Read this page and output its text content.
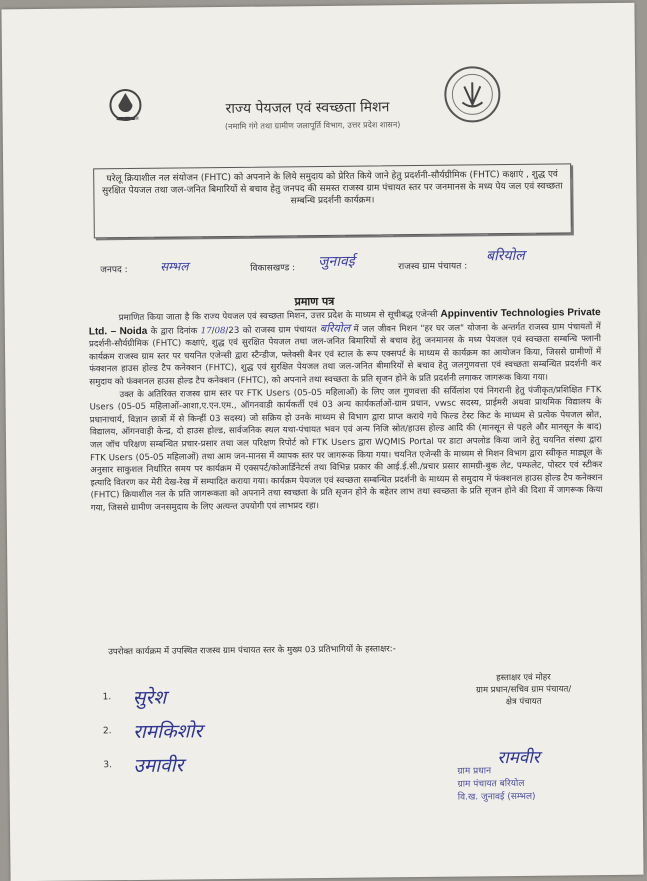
हर घर जल
राज्य पेयजल एवं स्वच्छता मिशन
(नमामि गंगे तथा ग्रामीण जलापूर्ति विभाग, उत्तर प्रदेश शासन)
घरेलू क्रियाशील नल संयोजन (FHTC) को अपनाने के लिये समुदाय को प्रेरित किये जाने हेतु प्रदर्शनी-सौर्यग्रीमिक (FHTC) कक्षाएं , शुद्ध एवं सुरक्षित पेयजल तथा जल-जनित बिमारियों से बचाव हेतु जनपद की समस्त राजस्व ग्राम पंचायत स्तर पर जनमानस के मध्य पेय जल एवं स्वच्छता सम्बन्धि प्रदर्शनी कार्यक्रम।
जनपद :	सम्भल	विकासखण्ड : जुनावई	राजस्व ग्राम पंचायत :
बरियोल
प्रमाण पत्र

प्रमाणित किया जाता है कि राज्य पेयजल एवं स्वच्छता मिशन, उत्तर प्रदेश के माध्यम से सूचीबद्ध एजेन्सी Appinventiv Technologies Private Ltd. – Noida के द्वारा दिनांक 17/08/23 को राजस्व ग्राम पंचायत बरियोल में जल जीवन मिशन "हर घर जल" योजना के अन्तर्गत राजस्व ग्राम पंचायतों में प्रदर्शनी-सौर्यग्रीमिक (FHTC) कक्षाएं, शुद्ध एवं सुरक्षित पेयजल तथा जल-जनित बिमारियों से बचाव हेतु जनमानस के मध्य पेयजल एवं स्वच्छता सम्बन्धि फ्लानी कार्यक्रम राजस्व ग्राम स्तर पर चयनित एजेन्सी द्वारा स्टैन्डीज, फ्लेक्सी बैनर एवं स्टाल के रूप एक्सपर्ट के माध्यम से कार्यक्रम का आयोजन किया, जिससे ग्रामीणों में फंक्शनल हाउस होल्ड टैप कनेक्शन (FHTC), शुद्ध एवं सुरक्षित पेयजल तथा जल-जनित बीमारियों से बचाव हेतु जलगुणवत्ता एवं स्वच्छता सम्बन्धित प्रदर्शनी कर समुदाय को फंक्शनल हाउस होल्ड टैप कनेक्शन (FHTC), को अपनाने तथा स्वच्छता के प्रति सृजन होने के प्रति प्रदर्शनी लगाकर जागरूक किया गया।

उक्त के अतिरिक्त राजस्व ग्राम स्तर पर FTK Users (05-05 महिलाओं) के लिए जल गुणवत्ता की सर्विलांश एवं निगरानी हेतु पंजीकृत/प्रशिक्षित FTK Users (05-05 महिलाओं-आशा,ए.एन.एम., ऑगनवाडी कार्यकर्ती एवं 03 अन्य कार्यकर्ताओं-ग्राम प्रधान, vwsc सदस्य, प्राईमरी अथवा प्राथमिक विद्यालय के प्रधानाचार्य, विज्ञान छात्रों में से किन्हीं 03 सदस्य) जो सक्रिय हो उनके माध्यम से विभाग द्वारा प्राप्त कराये गये फिल्ड टेस्ट किट के माध्यम से प्रत्येक पेयजल स्रोत, विद्यालय, ऑगनवाड़ी केन्द्र, दो हाउस होल्ड, सार्वजनिक स्थल यथा-पंचायत भवन एवं अन्य निजि स्रोत/हाउस होल्ड आदि की (मानसून से पहले और मानसून के बाद) जल जॉच परिक्षण सम्बन्धित प्रचार-प्रसार तथा जल परिक्षण रिपोर्ट को FTK Users द्वारा WQMIS Portal पर डाटा अपलोड किया जाने हेतु चयनित संस्था द्वारा FTK Users (05-05 महिलाओं) तथा आम जन-मानस में व्यापक स्तर पर जागरूक किया गया। चयनित एजेन्सी के माध्यम से मिशन विभाग द्वारा स्वीकृत माड्यूल के अनुसार साकुशल निर्धारित समय पर कार्यक्रम में एक्सपर्ट/कोआर्डिनेटर्स तथा विभिन्न प्रकार की आई.ई.सी./प्रचार प्रसार सामग्री-बुक लेट, पम्फलेट, पोस्टर एवं स्टीकर इत्यादि वितरण कर मेरी देख-रेख में सम्पादित कराया गया। कार्यक्रम पेयजल एवं स्वच्छता सम्बन्धित प्रदर्शनी के माध्यम से समुदाय में फंक्शनल हाउस होल्ड टैप कनेक्शन (FHTC) क्रियाशील नल के प्रति जागरूकता को अपनाने तथा स्वच्छता के प्रति सृजन होने के बहेतर लाभ तथा स्वच्छता के प्रति सृजन होने की दिशा में जागरूक किया गया, जिससे ग्रामीण जनसमुदाय के लिए अत्यन्त उपयोगी एवं लाभप्रद रहा।

उपरोक्त कार्यक्रम में उपस्थित राजस्व ग्राम पंचायत स्तर के मुख्य 03 प्रतिभागियों के हस्ताक्षर:-
1. सुरेश
2. रामकिशोर
3. उमावीर
हस्ताक्षर एवं मोहर
ग्राम प्रधान/सचिव ग्राम पंचायत/
क्षेत्र पंचायत
रामवीर
ग्राम प्रधान
ग्राम पंचायत बरियोल
वि.ख. जुनावई (सम्भल)
